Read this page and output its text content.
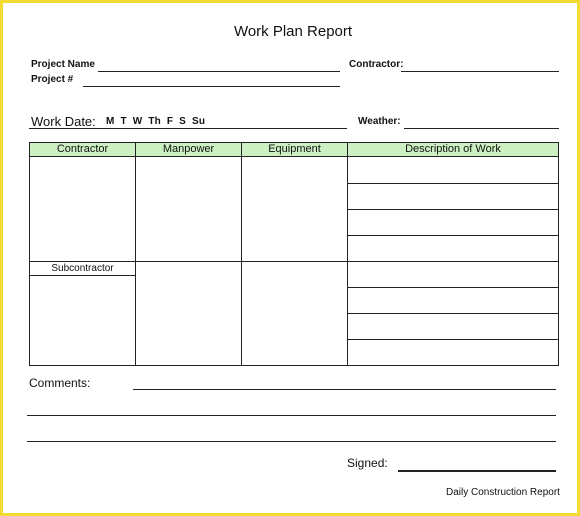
Work Plan Report
Project Name	Contractor:
Project #
Work Date: M  T  W  Th  F  S  Su	Weather:
Contractor	Manpower	Equipment	Description of Work
Subcontractor
Comments:
Signed:
Daily Construction Report
